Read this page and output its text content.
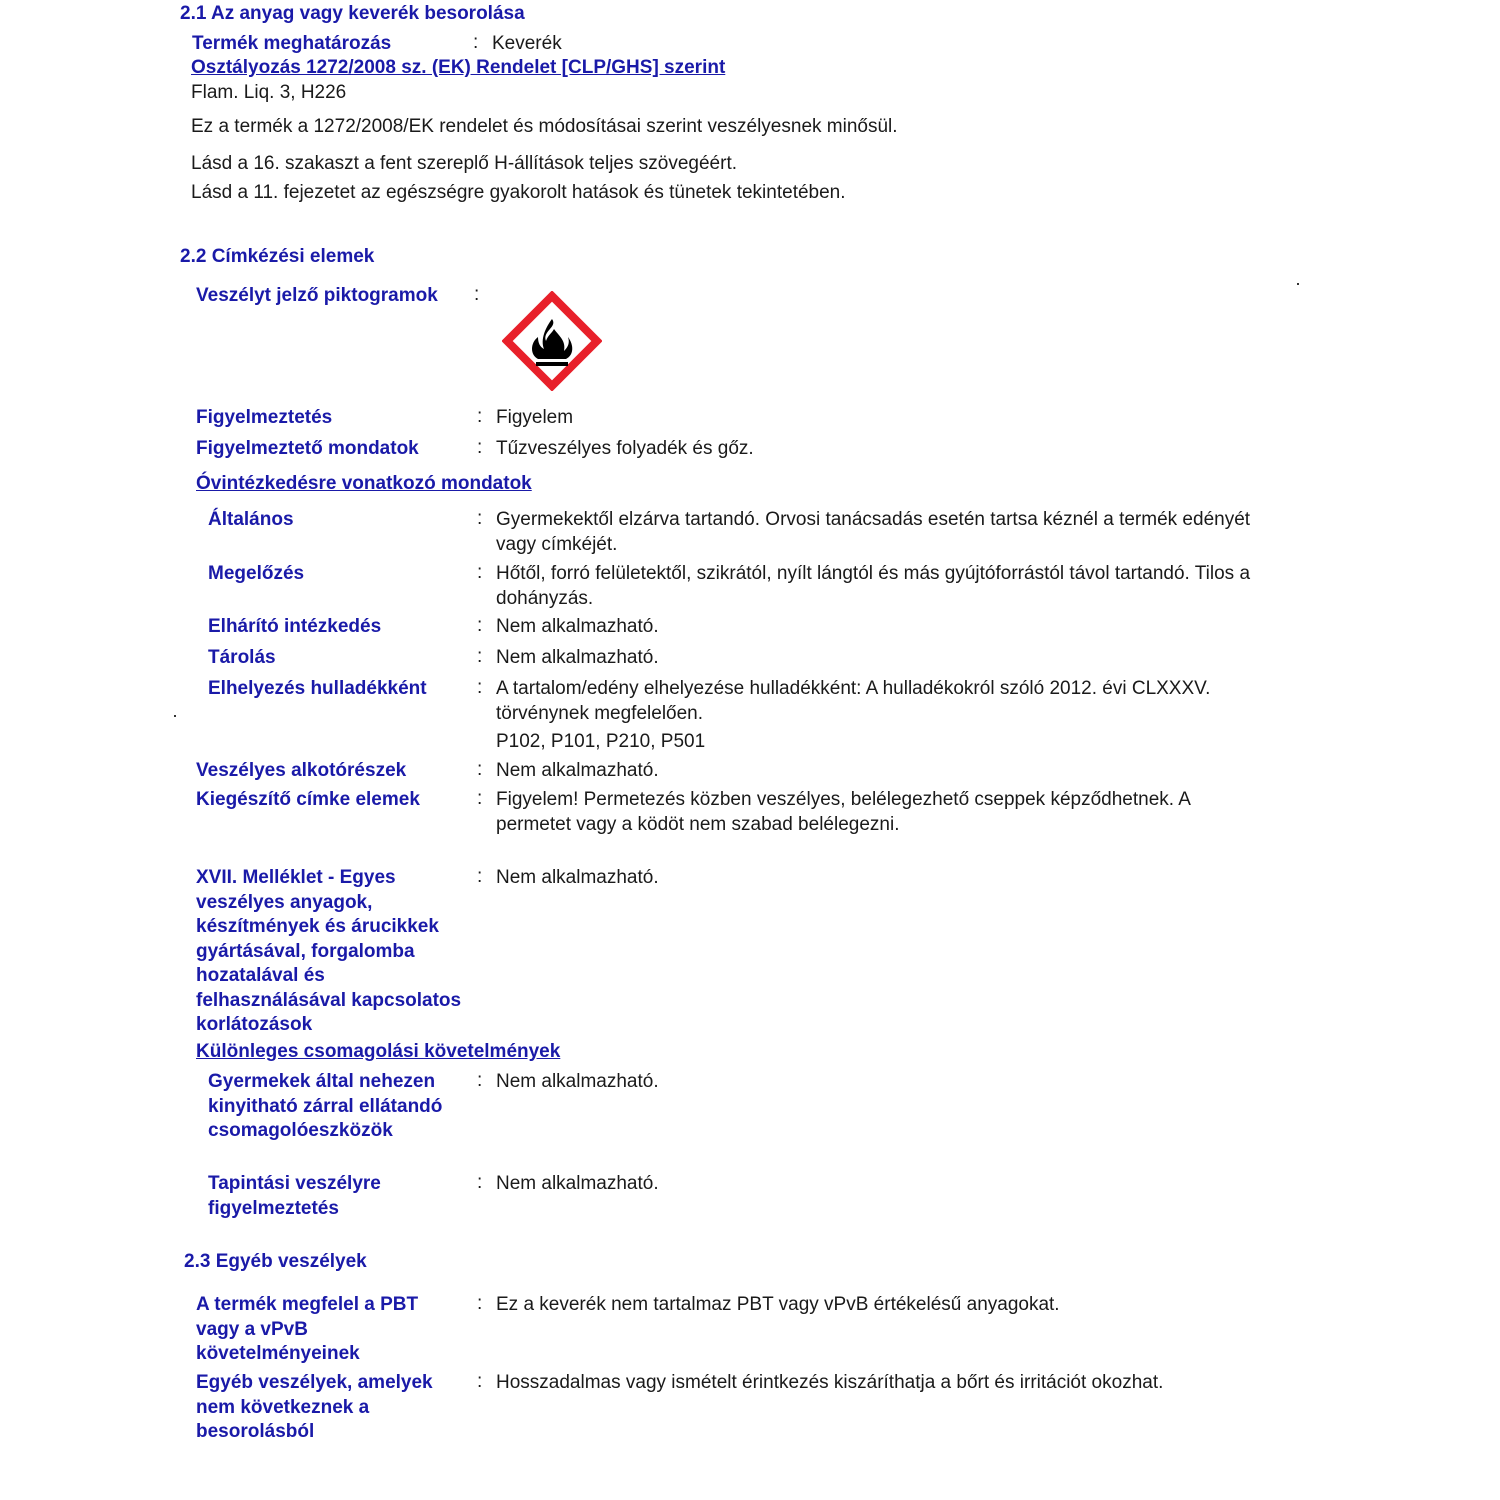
2.1 Az anyag vagy keverék besorolása
Termék meghatározás	: Keverék
Osztályozás 1272/2008 sz. (EK) Rendelet [CLP/GHS] szerint
Flam. Liq. 3, H226
Ez a termék a 1272/2008/EK rendelet és módosításai szerint veszélyesnek minősül.
Lásd a 16. szakaszt a fent szereplő H-állítások teljes szövegéért.
Lásd a 11. fejezetet az egészségre gyakorolt hatások és tünetek tekintetében.
2.2 Címkézési elemek
Veszélyt jelző piktogramok :
Figyelmeztetés	: Figyelem
Figyelmeztető mondatok	: Tűzveszélyes folyadék és gőz.
Óvintézkedésre vonatkozó mondatok
Általános	: Gyermekektől elzárva tartandó. Orvosi tanácsadás esetén tartsa kéznél a termék edényét vagy címkéjét.
Megelőzés	: Hőtől, forró felületektől, szikrától, nyílt lángtól és más gyújtóforrástól távol tartandó. Tilos a dohányzás.
Elhárító intézkedés	: Nem alkalmazható.
Tárolás	: Nem alkalmazható.
Elhelyezés hulladékként	: A tartalom/edény elhelyezése hulladékként: A hulladékokról szóló 2012. évi CLXXXV. törvénynek megfelelően.
P102, P101, P210, P501
Veszélyes alkotórészek	: Nem alkalmazható.
Kiegészítő címke elemek	: Figyelem! Permetezés közben veszélyes, belélegezhető cseppek képződhetnek. A permetet vagy a ködöt nem szabad belélegezni.
XVII. Melléklet - Egyes veszélyes anyagok, készítmények és árucikkek gyártásával, forgalomba hozatalával és felhasználásával kapcsolatos korlátozások
: Nem alkalmazható.
Különleges csomagolási követelmények
Gyermekek által nehezen kinyitható zárral ellátandó csomagolóeszközök
: Nem alkalmazható.
Tapintási veszélyre figyelmeztetés
: Nem alkalmazható.
2.3 Egyéb veszélyek
A termék megfelel a PBT vagy a vPvB követelményeinek
: Ez a keverék nem tartalmaz PBT vagy vPvB értékelésű anyagokat.
Egyéb veszélyek, amelyek nem következnek a besorolásból
: Hosszadalmas vagy ismételt érintkezés kiszáríthatja a bőrt és irritációt okozhat.
